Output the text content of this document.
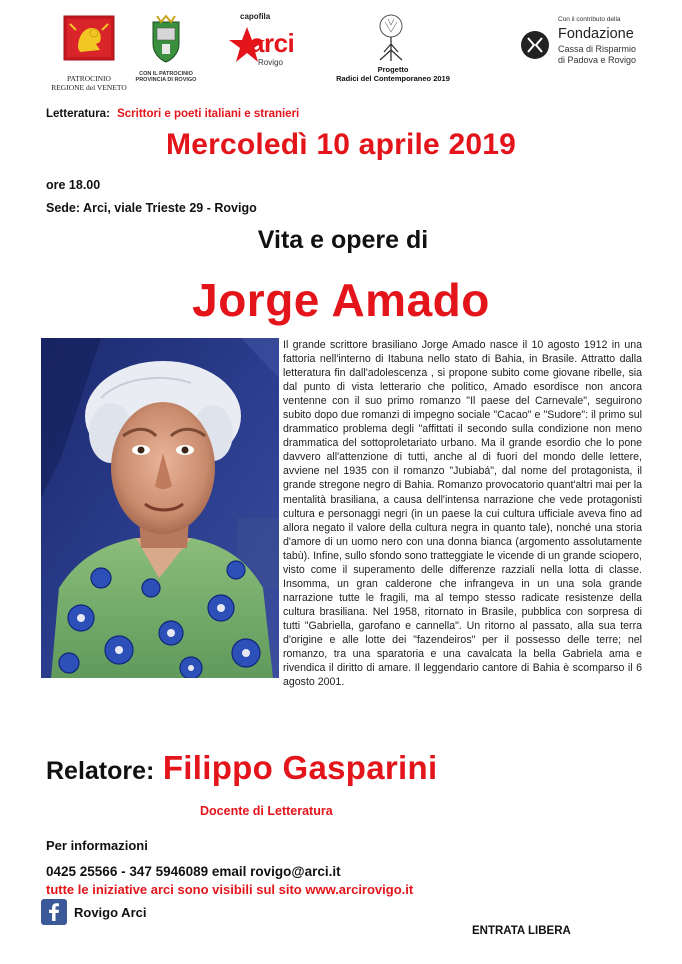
PATROCINIO
REGIONE del VENETO
CON IL PATROCINIO
PROVINCIA DI ROVIGO
capofila
arci
Rovigo
Progetto
Radici del Contemporaneo 2019
Con il contributo della
Fondazione
Cassa di Risparmio
di Padova e Rovigo
Letteratura: Scrittori e poeti italiani e stranieri
Mercoledì 10 aprile 2019
ore 18.00
Sede: Arci, viale Trieste 29 - Rovigo
Vita e opere di
Jorge Amado
~
Il grande scrittore brasiliano Jorge Amado nasce il 10 agosto 1912 in una fattoria nell'interno di Itabuna nello stato di Bahia, in Brasile. Attratto dalla letteratura fin dall'adolescenza , si propone subito come giovane ribelle, sia dal punto di vista letterario che politico, Amado esordisce non ancora ventenne con il suo primo romanzo "Il paese del Carnevale", seguirono subito dopo due romanzi di impegno sociale "Cacao" e "Sudore": il primo sul drammatico problema degli "affittati il secondo sulla condizione non meno drammatica del sottoproletariato urbano. Ma il grande esordio che lo pone davvero all'attenzione di tutti, anche al di fuori del mondo delle lettere, avviene nel 1935 con il romanzo "Jubiabá", dal nome del protagonista, il grande stregone negro di Bahia. Romanzo provocatorio quant'altri mai per la mentalità brasiliana, a causa dell'intensa narrazione che vede protagonisti cultura e personaggi negri (in un paese la cui cultura ufficiale aveva fino ad allora negato il valore della cultura negra in quanto tale), nonché una storia d'amore di un uomo nero con una donna bianca (argomento assolutamente tabù). Infine, sullo sfondo sono tratteggiate le vicende di un grande sciopero, visto come il superamento delle differenze razziali nella lotta di classe. Insomma, un gran calderone che infrangeva in un una sola grande narrazione tutte le fragili, ma al tempo stesso radicate resistenze della cultura brasiliana. Nel 1958, ritornato in Brasile, pubblica con sorpresa di tutti "Gabriella, garofano e cannella". Un ritorno al passato, alla sua terra d'origine e alle lotte dei "fazendeiros" per il possesso delle terre; nel romanzo, tra una sparatoria e una cavalcata la bella Gabriela ama e rivendica il diritto di amare. Il leggendario cantore di Bahia è scomparso il 6 agosto 2001.
Relatore: Filippo Gasparini
Docente di Letteratura
Per informazioni
0425 25566 - 347 5946089 email rovigo@arci.it
tutte le iniziative arci sono visibili sul sito www.arcirovigo.it
Rovigo Arci
ENTRATA LIBERA
